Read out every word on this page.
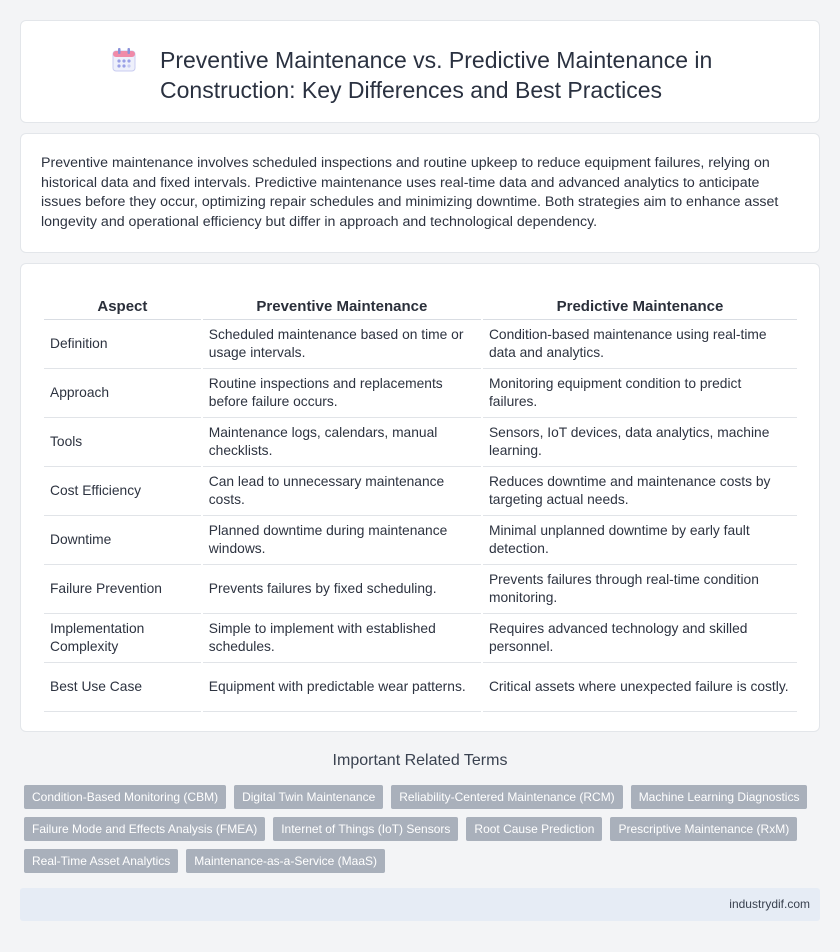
Preventive Maintenance vs. Predictive Maintenance in Construction: Key Differences and Best Practices

Preventive maintenance involves scheduled inspections and routine upkeep to reduce equipment failures, relying on historical data and fixed intervals. Predictive maintenance uses real-time data and advanced analytics to anticipate issues before they occur, optimizing repair schedules and minimizing downtime. Both strategies aim to enhance asset longevity and operational efficiency but differ in approach and technological dependency.

Aspect	Preventive Maintenance	Predictive Maintenance
Definition	Scheduled maintenance based on time or usage intervals.	Condition-based maintenance using real-time data and analytics.
Approach	Routine inspections and replacements before failure occurs.	Monitoring equipment condition to predict failures.
Tools	Maintenance logs, calendars, manual checklists.	Sensors, IoT devices, data analytics, machine learning.
Cost Efficiency	Can lead to unnecessary maintenance costs.	Reduces downtime and maintenance costs by targeting actual needs.
Downtime	Planned downtime during maintenance windows.	Minimal unplanned downtime by early fault detection.
Failure Prevention	Prevents failures by fixed scheduling.	Prevents failures through real-time condition monitoring.
Implementation Complexity	Simple to implement with established schedules.	Requires advanced technology and skilled personnel.
Best Use Case	Equipment with predictable wear patterns.	Critical assets where unexpected failure is costly.
Important Related Terms
Condition-Based Monitoring (CBM)	Digital Twin Maintenance	Reliability-Centered Maintenance (RCM)	Machine Learning Diagnostics
Failure Mode and Effects Analysis (FMEA)	Internet of Things (IoT) Sensors	Root Cause Prediction	Prescriptive Maintenance (RxM)
Real-Time Asset Analytics	Maintenance-as-a-Service (MaaS)
industrydif.com
